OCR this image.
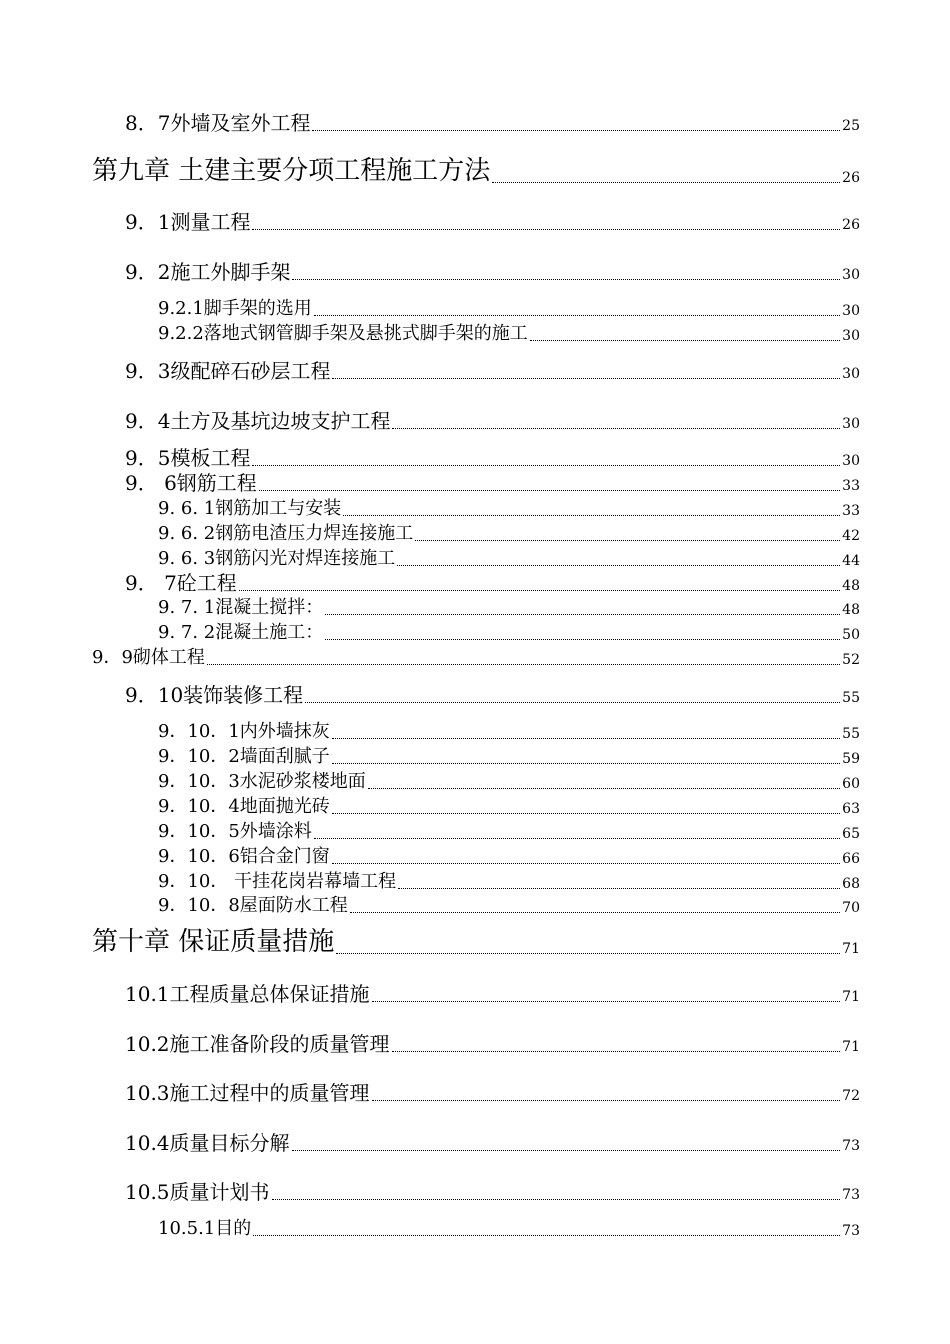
8．7外墙及室外工程	25
第九章 土建主要分项工程施工方法	26
9．1测量工程	26
9．2施工外脚手架	30
9.2.1脚手架的选用	30
9.2.2落地式钢管脚手架及悬挑式脚手架的施工	30
9．3级配碎石砂层工程	30
9．4土方及基坑边坡支护工程	30
9．5模板工程	30
9． 6钢筋工程	33
9. 6. 1钢筋加工与安装	33
9. 6. 2钢筋电渣压力焊连接施工	42
9. 6. 3钢筋闪光对焊连接施工	44
9． 7砼工程	48
9. 7. 1混凝土搅拌：	48
9. 7. 2混凝土施工：	50
9．9砌体工程	52
9．10装饰装修工程	55
9．10．1内外墙抹灰	55
9．10．2墙面刮腻子	59
9．10．3水泥砂浆楼地面	60
9．10．4地面抛光砖	63
9．10．5外墙涂料	65
9．10．6铝合金门窗	66
9．10． 干挂花岗岩幕墙工程	68
9．10．8屋面防水工程	70
第十章 保证质量措施	71
10.1工程质量总体保证措施	71
10.2施工准备阶段的质量管理	71
10.3施工过程中的质量管理	72
10.4质量目标分解	73
10.5质量计划书	73
10.5.1目的	73
